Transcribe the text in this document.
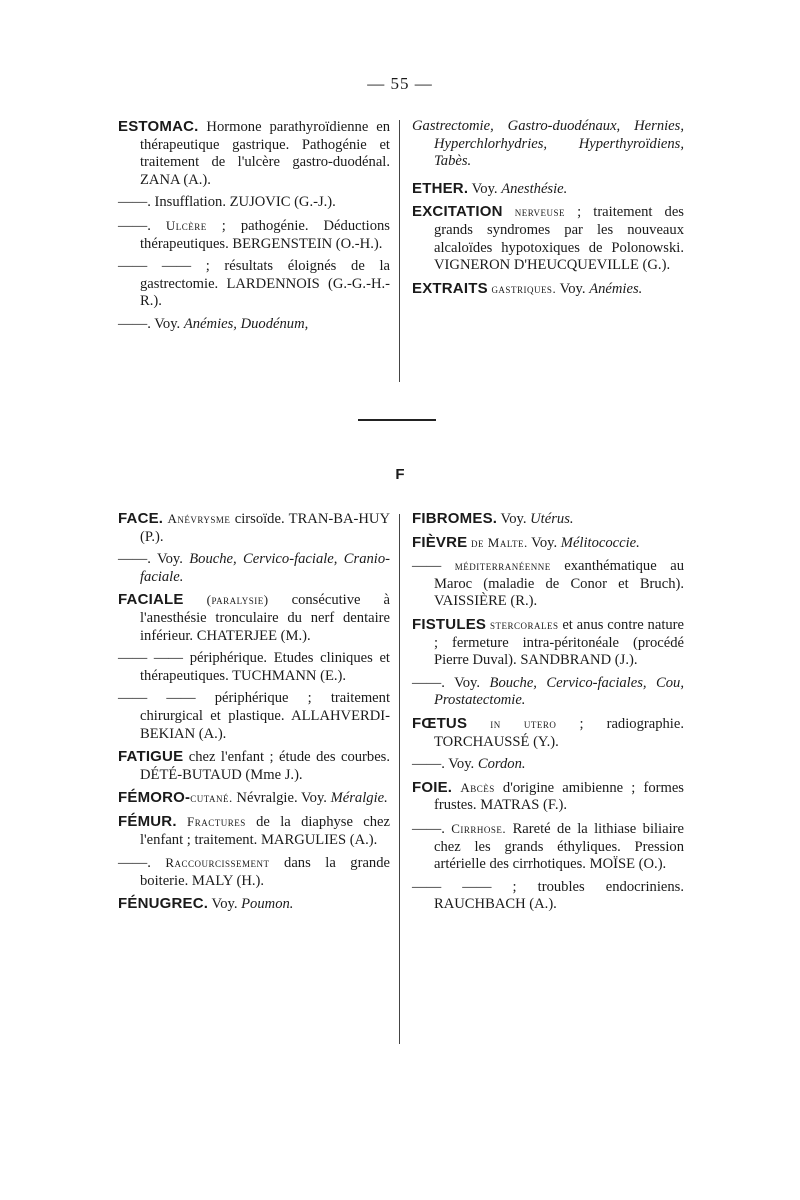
— 55 —

ESTOMAC. Hormone parathyroïdienne en thérapeutique gastrique. Pathogénie et traitement de l'ulcère gastro-duodénal. ZANA (A.).

——. Insufflation. ZUJOVIC (G.-J.).

——. Ulcère ; pathogénie. Déductions thérapeutiques. BERGENSTEIN (O.-H.).

—— —— ; résultats éloignés de la gastrectomie. LARDENNOIS (G.-G.-H.-R.).

——. Voy. Anémies, Duodénum,

Gastrectomie, Gastro-duodénaux, Hernies, Hyperchlorhydries, Hyperthyroïdiens, Tabès.

ETHER. Voy. Anesthésie.

EXCITATION nerveuse ; traitement des grands syndromes par les nouveaux alcaloïdes hypotoxiques de Polonowski. VIGNERON D'HEUCQUEVILLE (G.).

EXTRAITS gastriques. Voy. Anémies.

F

FACE. Anévrysme cirsoïde. TRAN-BA-HUY (P.).

——. Voy. Bouche, Cervico-faciale, Cranio-faciale.

FACIALE (paralysie) consécutive à l'anesthésie tronculaire du nerf dentaire inférieur. CHATERJEE (M.).

—— —— périphérique. Etudes cliniques et thérapeutiques. TUCHMANN (E.).

—— —— périphérique ; traitement chirurgical et plastique. ALLAHVERDI-BEKIAN (A.).

FATIGUE chez l'enfant ; étude des courbes. DÉTÉ-BUTAUD (Mme J.).

FÉMORO-cutané. Névralgie. Voy. Méralgie.

FÉMUR. Fractures de la diaphyse chez l'enfant ; traitement. MARGULIES (A.).

——. Raccourcissement dans la grande boiterie. MALY (H.).

FÉNUGREC. Voy. Poumon.

FIBROMES. Voy. Utérus.

FIÈVRE de Malte. Voy. Mélitococcie.

—— méditerranéenne exanthématique au Maroc (maladie de Conor et Bruch). VAISSIÈRE (R.).

FISTULES stercorales et anus contre nature ; fermeture intra-péritonéale (procédé Pierre Duval). SANDBRAND (J.).

——. Voy. Bouche, Cervico-faciales, Cou, Prostatectomie.

FŒTUS in utero ; radiographie. TORCHAUSSÉ (Y.).

——. Voy. Cordon.

FOIE. Abcès d'origine amibienne ; formes frustes. MATRAS (F.).

——. Cirrhose. Rareté de la lithiase biliaire chez les grands éthyliques. Pression artérielle des cirrhotiques. MOÏSE (O.).

—— —— ; troubles endocriniens. RAUCHBACH (A.).
